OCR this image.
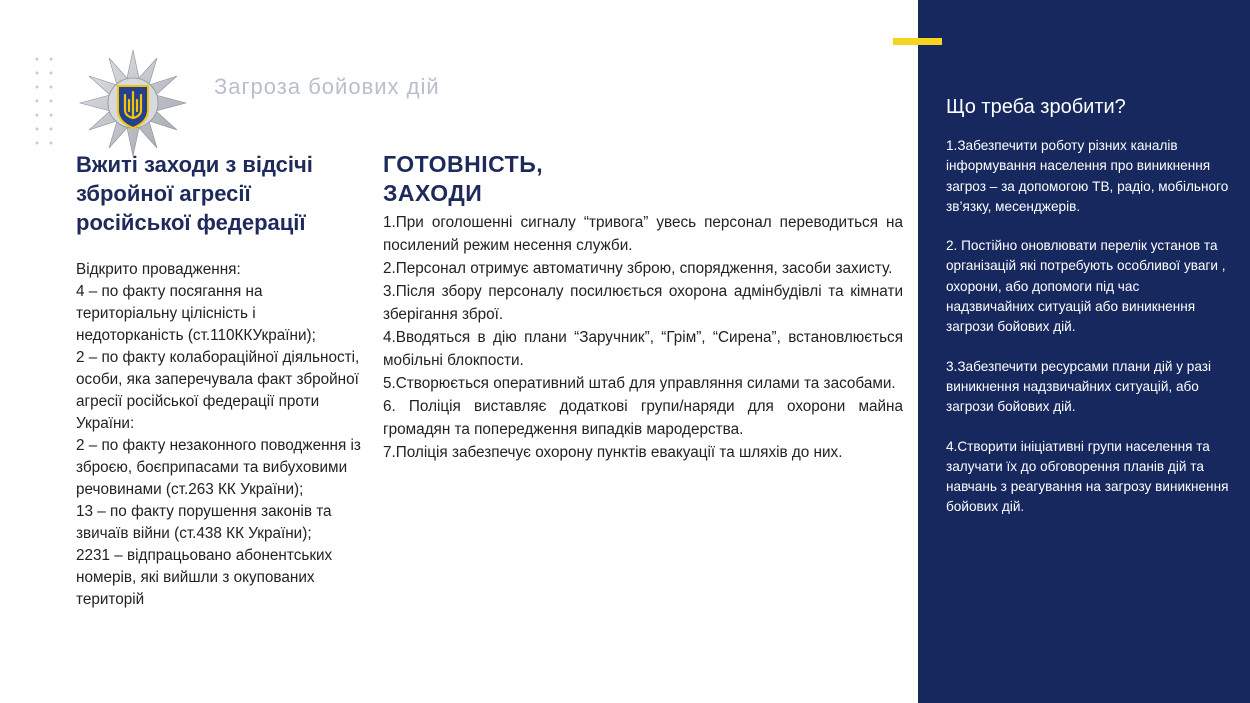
Загроза бойових дій
Вжиті заходи з відсічі збройної агресії російської федерації
Відкрито провадження:
4 – по факту посягання на територіальну цілісність і недоторканість (ст.110ККУкраїни);
2 – по факту колабораційної діяльності, особи, яка заперечувала факт збройної агресії російської федерації проти України:
2 – по факту незаконного поводження із зброєю, боєприпасами та вибуховими речовинами (ст.263 КК України);
13 – по факту порушення законів та звичаїв війни (ст.438 КК України);
2231 – відпрацьовано абонентських номерів, які вийшли з окупованих територій
ГОТОВНІСТЬ,
ЗАХОДИ
1.При оголошенні сигналу “тривога” увесь персонал переводиться на посилений режим несення служби.
2.Персонал отримує автоматичну зброю, спорядження, засоби захисту.
3.Після збору персоналу посилюється охорона адмінбудівлі та кімнати зберігання зброї.
4.Вводяться в дію плани “Заручник”, “Грім”, “Сирена”, встановлюється мобільні блокпости.
5.Створюється оперативний штаб для управляння силами та засобами.
6. Поліція виставляє додаткові групи/наряди для охорони майна громадян та попередження випадків мародерства.
7.Поліція забезпечує охорону пунктів евакуації та шляхів до них.
Що треба зробити?
1.Забезпечити роботу різних каналів інформування населення про виникнення загроз – за допомогою ТВ, радіо, мобільного зв’язку, месенджерів.
2. Постійно оновлювати перелік установ та організацій які потребують особливої уваги , охорони, або допомоги під час надзвичайних ситуацій або виникнення загрози бойових дій.
3.Забезпечити ресурсами плани дій у разі виникнення надзвичайних ситуацій, або загрози бойових дій.
4.Створити ініціативні групи населення та залучати їх до обговорення планів дій та навчань з реагування на загрозу виникнення бойових дій.
